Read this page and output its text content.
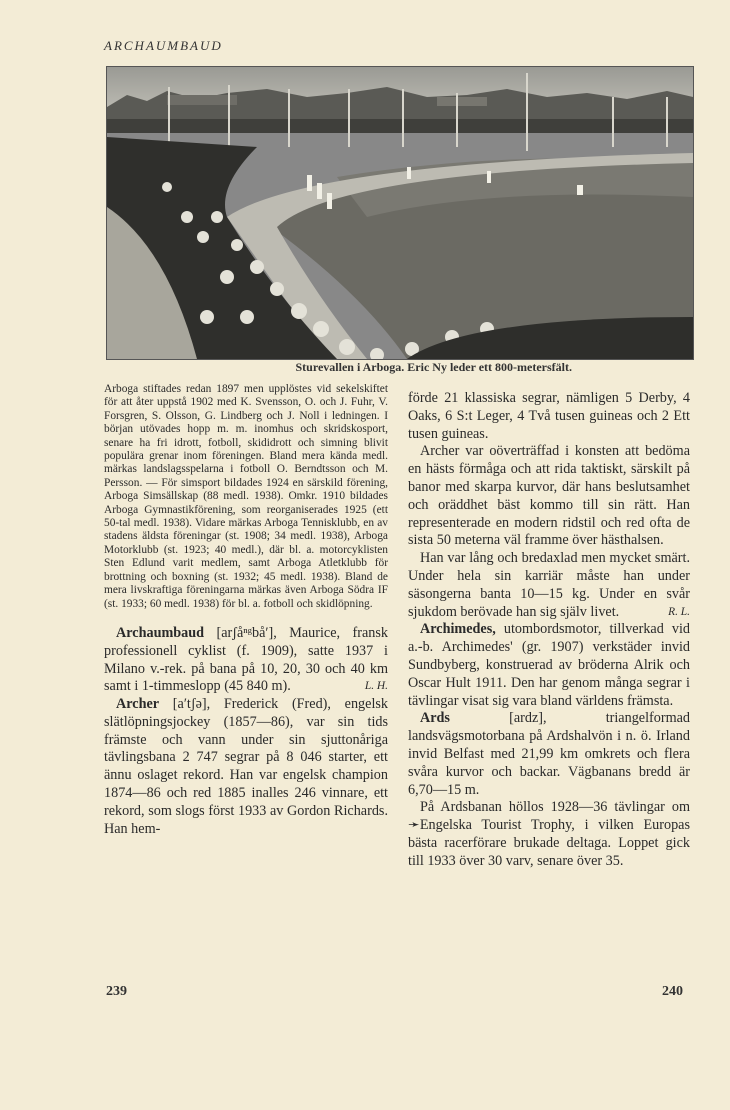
ARCHAUMBAUD
Sturevallen i Arboga. Eric Ny leder ett 800-metersfält.

Arboga stiftades redan 1897 men upplöstes vid sekelskiftet för att åter uppstå 1902 med K. Svensson, O. och J. Fuhr, V. Forsgren, S. Olsson, G. Lindberg och J. Noll i ledningen. I början utövades hopp m. m. inomhus och skridskosport, senare ha fri idrott, fotboll, skididrott och simning blivit populära grenar inom föreningen. Bland mera kända medl. märkas landslagsspelarna i fotboll O. Berndtsson och M. Persson. — För simsport bildades 1924 en särskild förening, Arboga Simsällskap (88 medl. 1938). Omkr. 1910 bildades Arboga Gymnastikförening, som reorganiserades 1925 (ett 50-tal medl. 1938). Vidare märkas Arboga Tennisklubb, en av stadens äldsta föreningar (st. 1908; 34 medl. 1938), Arboga Motorklubb (st. 1923; 40 medl.), där bl. a. motorcyklisten Sten Edlund varit medlem, samt Arboga Atletklubb för brottning och boxning (st. 1932; 45 medl. 1938). Bland de mera livskraftiga föreningarna märkas även Arboga Södra IF (st. 1933; 60 medl. 1938) för bl. a. fotboll och skidlöpning.

Archaumbaud [arʃåⁿᵍbå′], Maurice, fransk professionell cyklist (f. 1909), satte 1937 i Milano v.-rek. på bana på 10, 20, 30 och 40 km samt i 1-timmeslopp (45 840 m).	L. H.

Archer [a′tʃə], Frederick (Fred), engelsk slätlöpningsjockey (1857—86), var sin tids främste och vann under sin sjuttonåriga tävlingsbana 2 747 segrar på 8 046 starter, ett ännu oslaget rekord. Han var engelsk champion 1874—86 och red 1885 inalles 246 vinnare, ett rekord, som slogs först 1933 av Gordon Richards. Han hem-

förde 21 klassiska segrar, nämligen 5 Derby, 4 Oaks, 6 S:t Leger, 4 Två tusen guineas och 2 Ett tusen guineas.

Archer var oöverträffad i konsten att bedöma en hästs förmåga och att rida taktiskt, särskilt på banor med skarpa kurvor, där hans beslutsamhet och oräddhet bäst kommo till sin rätt. Han representerade en modern ridstil och red ofta de sista 50 meterna väl framme över hästhalsen.

Han var lång och bredaxlad men mycket smärt. Under hela sin karriär måste han under säsongerna banta 10—15 kg. Under en svår sjukdom berövade han sig själv livet.	R. L.

Archimedes, utombordsmotor, tillverkad vid a.-b. Archimedes' (gr. 1907) verkstäder invid Sundbyberg, konstruerad av bröderna Alrik och Oscar Hult 1911. Den har genom många segrar i tävlingar visat sig vara bland världens främsta.

Ards	[ardz], triangelformad landsvägsmotorbana på Ardshalvön i n. ö. Irland invid Belfast med 21,99 km omkrets och flera svåra kurvor och backar. Vägbanans bredd är 6,70—15 m.

På Ardsbanan höllos 1928—36 tävlingar om ➛Engelska Tourist Trophy, i vilken Europas bästa racerförare brukade deltaga. Loppet gick till 1933 över 30 varv, senare över 35.

239	240
